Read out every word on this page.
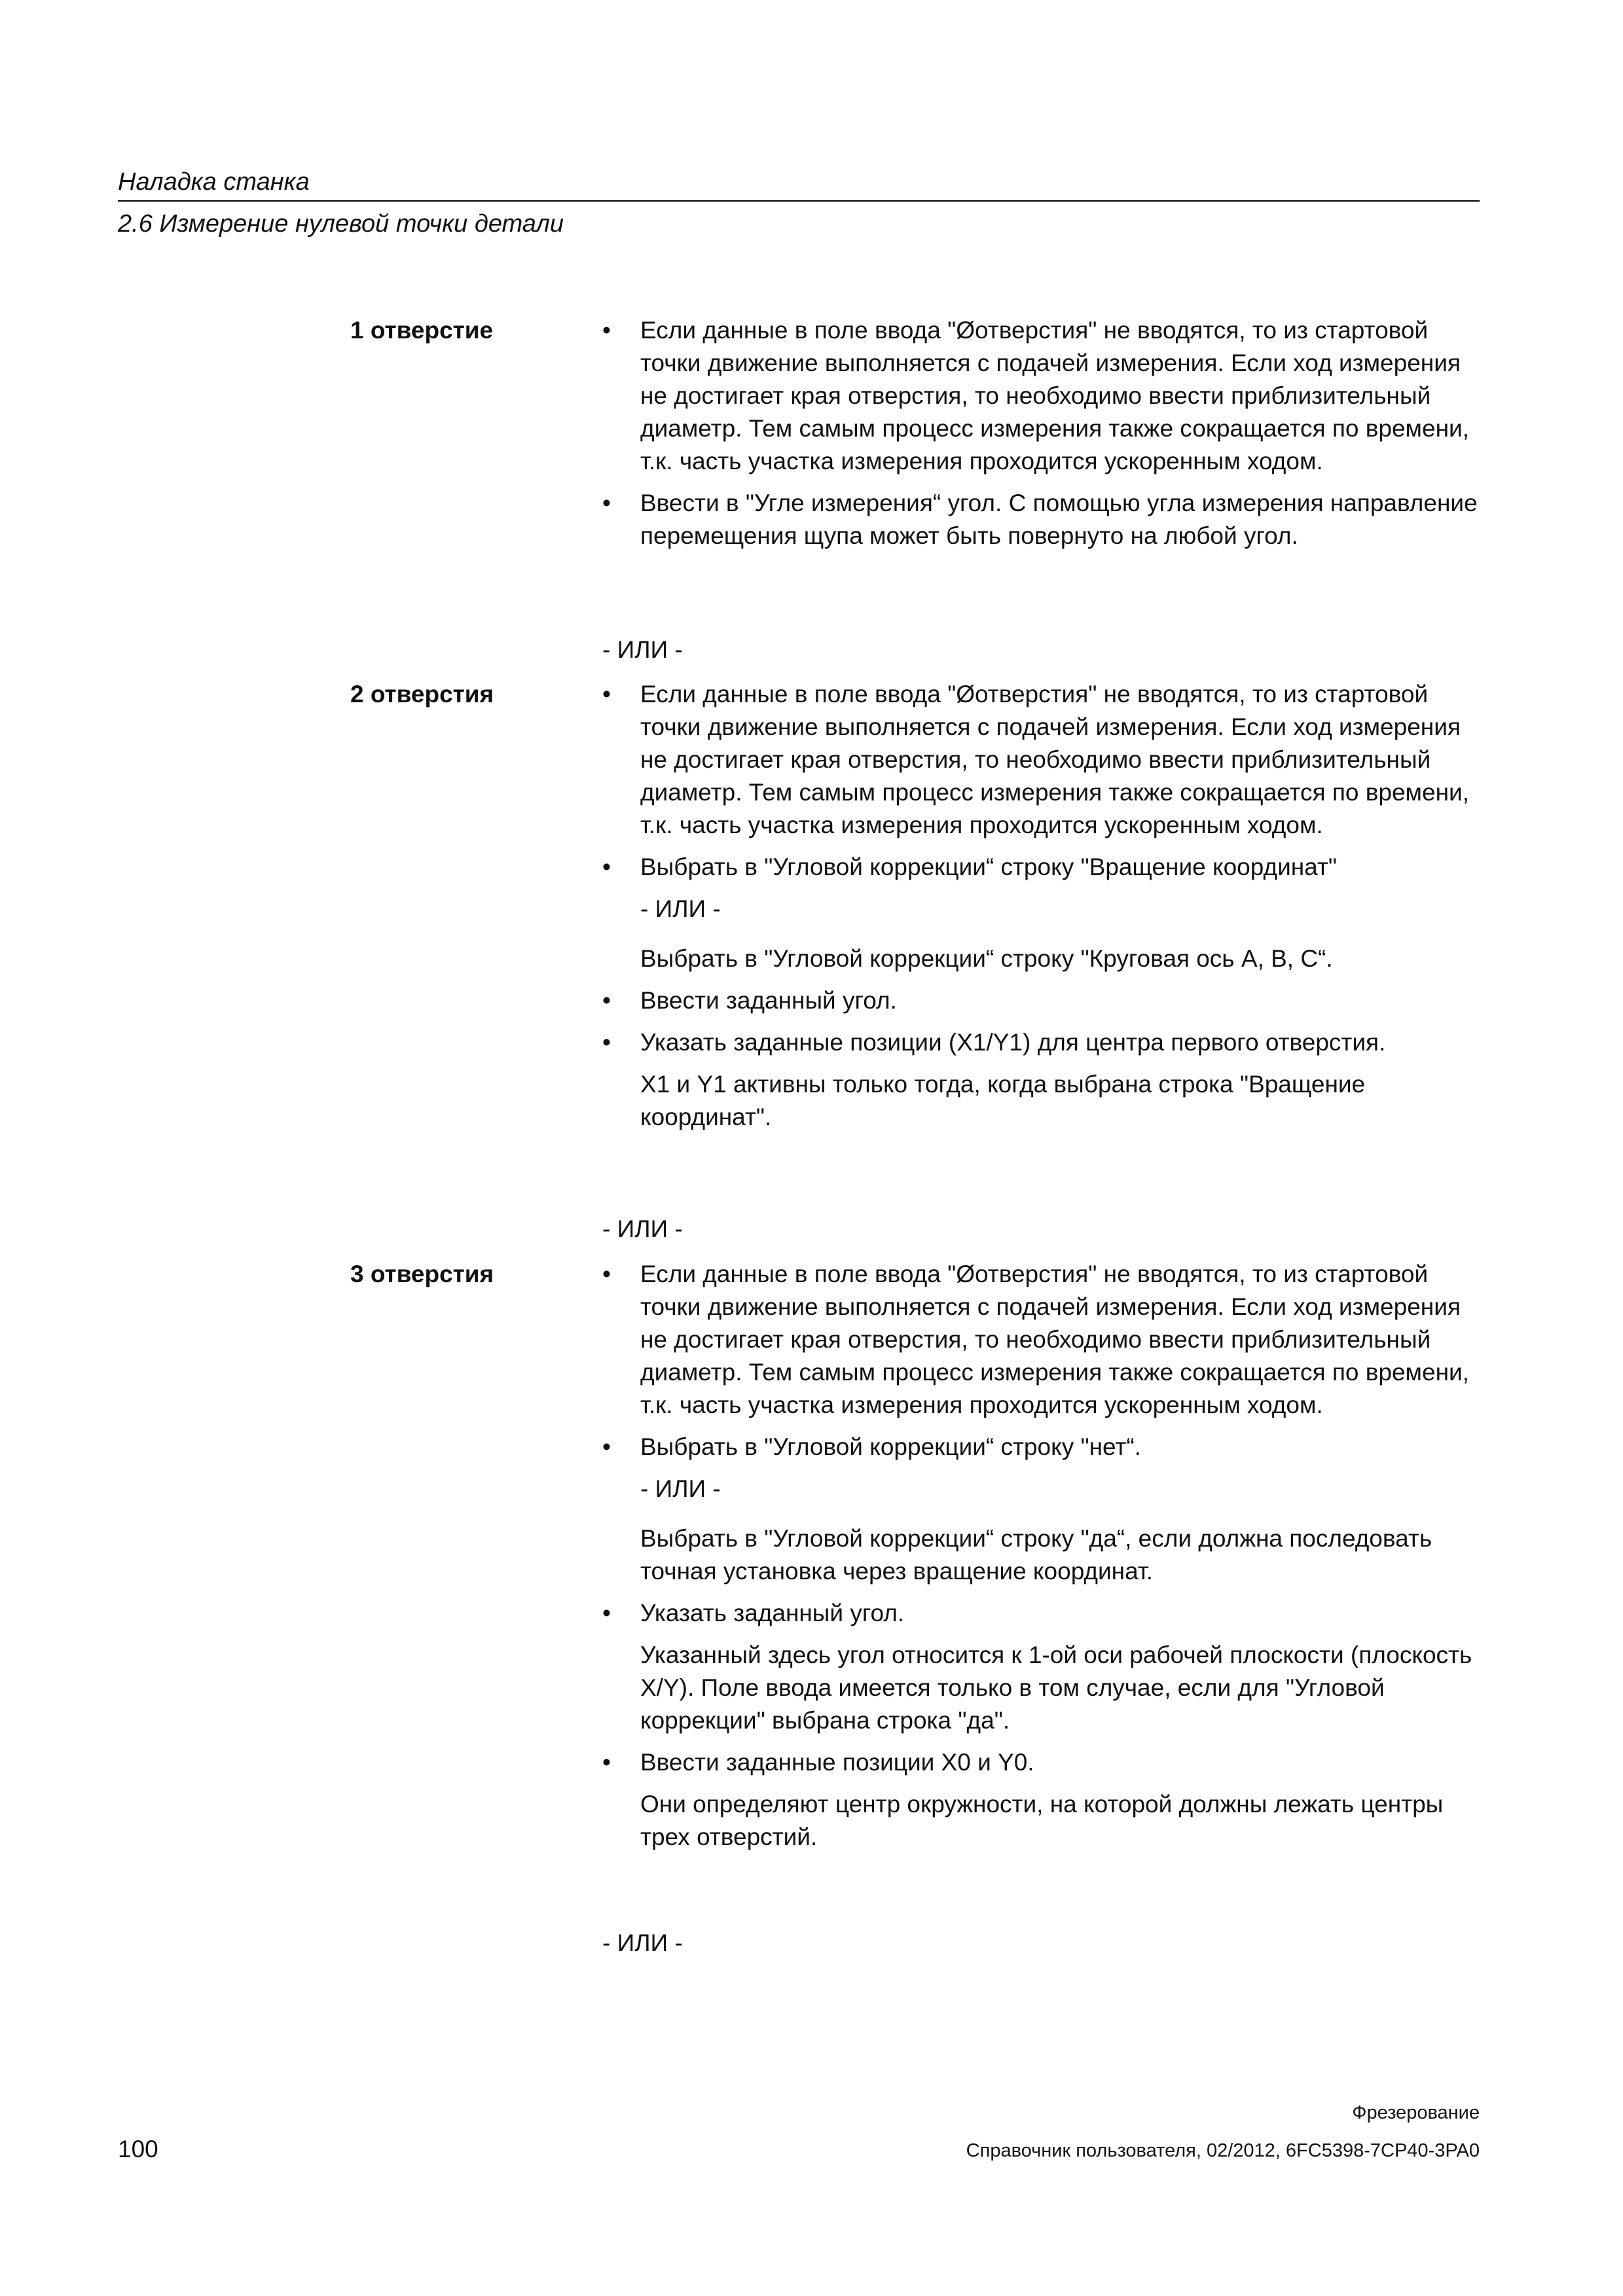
Наладка станка
2.6 Измерение нулевой точки детали
1 отверстие	•	Если данные в поле ввода "Øотверстия" не вводятся, то из стартовой точки движение выполняется с подачей измерения. Если ход измерения не достигает края отверстия, то необходимо ввести приблизительный диаметр. Тем самым процесс измерения также сокращается по времени, т.к. часть участка измерения проходится ускоренным ходом.
•	Ввести в "Угле измерения“ угол. С помощью угла измерения направление перемещения щупа может быть повернуто на любой угол.
- ИЛИ -
2 отверстия	•	Если данные в поле ввода "Øотверстия" не вводятся, то из стартовой точки движение выполняется с подачей измерения. Если ход измерения не достигает края отверстия, то необходимо ввести приблизительный диаметр. Тем самым процесс измерения также сокращается по времени, т.к. часть участка измерения проходится ускоренным ходом.
•	Выбрать в "Угловой коррекции“ строку "Вращение координат"
- ИЛИ -
Выбрать в "Угловой коррекции“ строку "Круговая ось A, B, C“.
•	Ввести заданный угол.
•	Указать заданные позиции (X1/Y1) для центра первого отверстия.
X1 и Y1 активны только тогда, когда выбрана строка "Вращение координат".
- ИЛИ -
3 отверстия	•	Если данные в поле ввода "Øотверстия" не вводятся, то из стартовой точки движение выполняется с подачей измерения. Если ход измерения не достигает края отверстия, то необходимо ввести приблизительный диаметр. Тем самым процесс измерения также сокращается по времени, т.к. часть участка измерения проходится ускоренным ходом.
•	Выбрать в "Угловой коррекции“ строку "нет“.
- ИЛИ -
Выбрать в "Угловой коррекции“ строку "да“, если должна последовать точная установка через вращение координат.
•	Указать заданный угол.
Указанный здесь угол относится к 1-ой оси рабочей плоскости (плоскость X/Y). Поле ввода имеется только в том случае, если для "Угловой коррекции" выбрана строка "да".
•	Ввести заданные позиции X0 и Y0.
Они определяют центр окружности, на которой должны лежать центры трех отверстий.
- ИЛИ -
Фрезерование
100	Справочник пользователя, 02/2012, 6FC5398-7CP40-3PA0
